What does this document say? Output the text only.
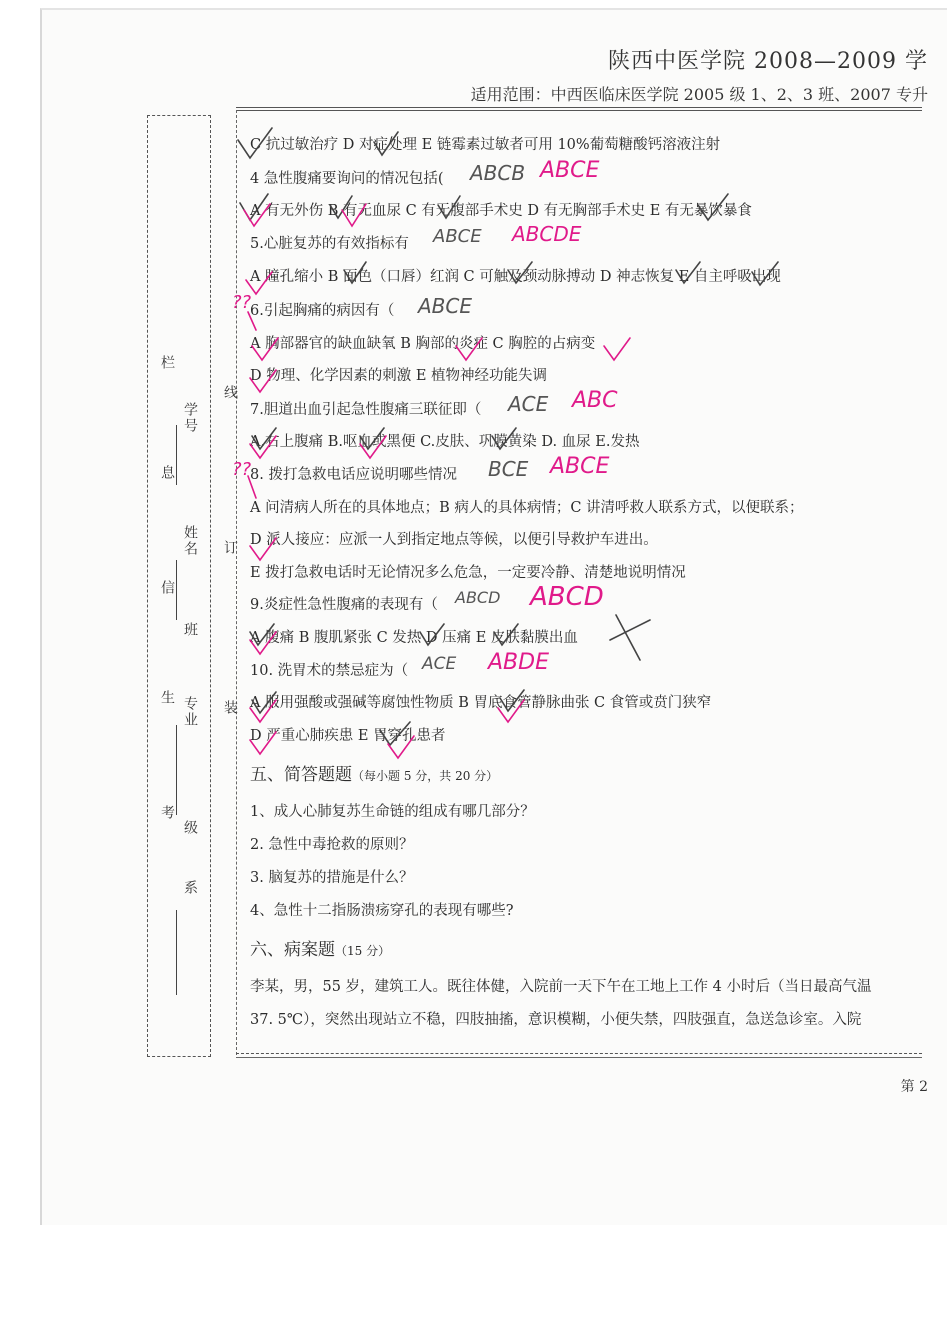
陕西中医学院 2008—2009 学
适用范围：中西医临床医学院 2005 级 1、2、3 班、2007 专升
考
生
信
息
栏
系
级
专业
班
姓名
学号
装
订
线
C 抗过敏治疗 D 对症处理 E 链霉素过敏者可用 10%葡萄糖酸钙溶液注射
4 急性腹痛要询问的情况包括(
A 有无外伤 B 有无血尿 C 有无腹部手术史 D 有无胸部手术史 E 有无暴饮暴食
5.心脏复苏的有效指标有
A 瞳孔缩小 B 面色（口唇）红润 C 可触及颈动脉搏动 D 神志恢复 E 自主呼吸出现
6.引起胸痛的病因有（
A 胸部器官的缺血缺氧 B 胸部的炎症 C 胸腔的占病变
D 物理、化学因素的刺激 E 植物神经功能失调
7.胆道出血引起急性腹痛三联征即（
A.右上腹痛 B.呕血或黑便 C.皮肤、巩膜黄染 D. 血尿 E.发热
8. 拨打急救电话应说明哪些情况
A 问清病人所在的具体地点；B 病人的具体病情；C 讲清呼救人联系方式，以便联系；
D 派人接应：应派一人到指定地点等候，以便引导救护车进出。
E 拨打急救电话时无论情况多么危急，一定要冷静、清楚地说明情况
9.炎症性急性腹痛的表现有（
A 腹痛 B 腹肌紧张 C 发热 D 压痛 E 皮肤黏膜出血
10. 洗胃术的禁忌症为（
A 服用强酸或强碱等腐蚀性物质 B 胃底食管静脉曲张 C 食管或贲门狭窄
D 严重心肺疾患 E 胃穿孔患者
五、简答题题（每小题 5 分，共 20 分）
1、成人心肺复苏生命链的组成有哪几部分？
2. 急性中毒抢救的原则？
3. 脑复苏的措施是什么？
4、急性十二指肠溃疡穿孔的表现有哪些?
六、病案题（15 分）
李某，男，55 岁，建筑工人。既往体健，入院前一天下午在工地上工作 4 小时后（当日最高气温
37. 5℃），突然出现站立不稳，四肢抽搐，意识模糊，小便失禁，四肢强直，急送急诊室。入院
第 2
ABCB ABCE
ABCE ABCDE
ABCE
ACE ABC
BCE ABCE
ABCD ABCD
ACE ABDE
??
??
